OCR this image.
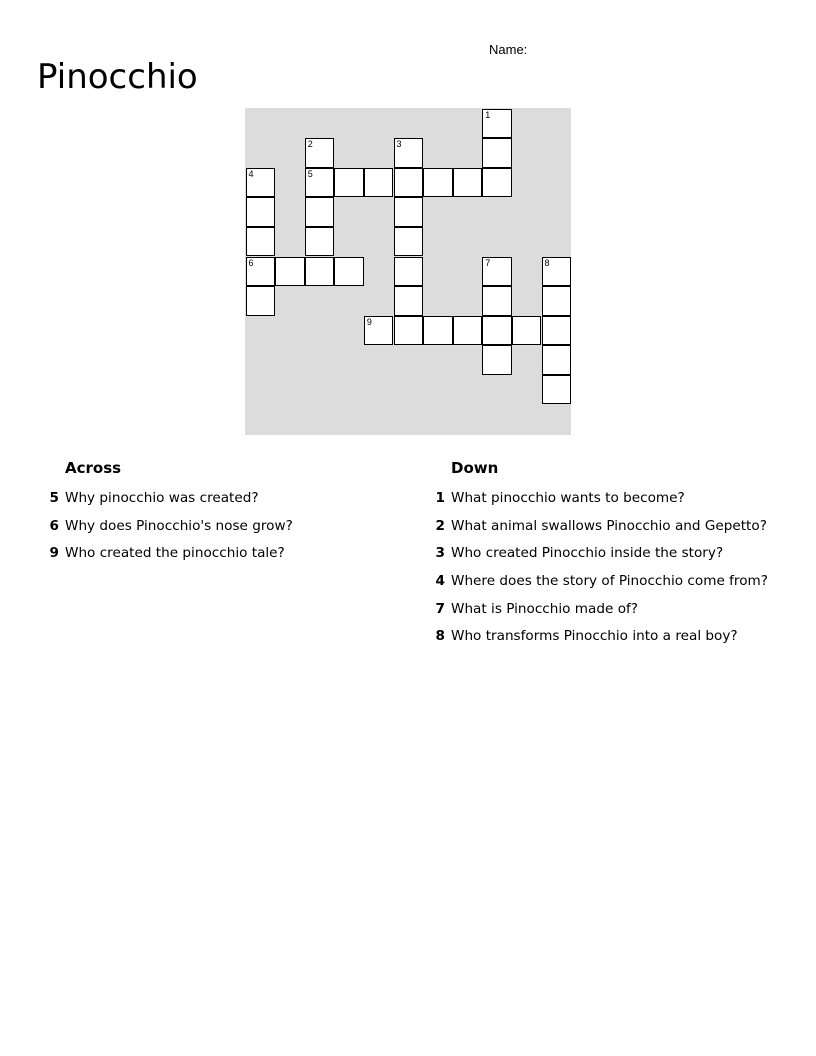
Pinocchio
Name:
1
2	3
4	5
6	7	8
9
Across
5 Why pinocchio was created?
6 Why does Pinocchio's nose grow?
9 Who created the pinocchio tale?
Down
1 What pinocchio wants to become?
2 What animal swallows Pinocchio and Gepetto?
3 Who created Pinocchio inside the story?
4 Where does the story of Pinocchio come from?
7 What is Pinocchio made of?
8 Who transforms Pinocchio into a real boy?
